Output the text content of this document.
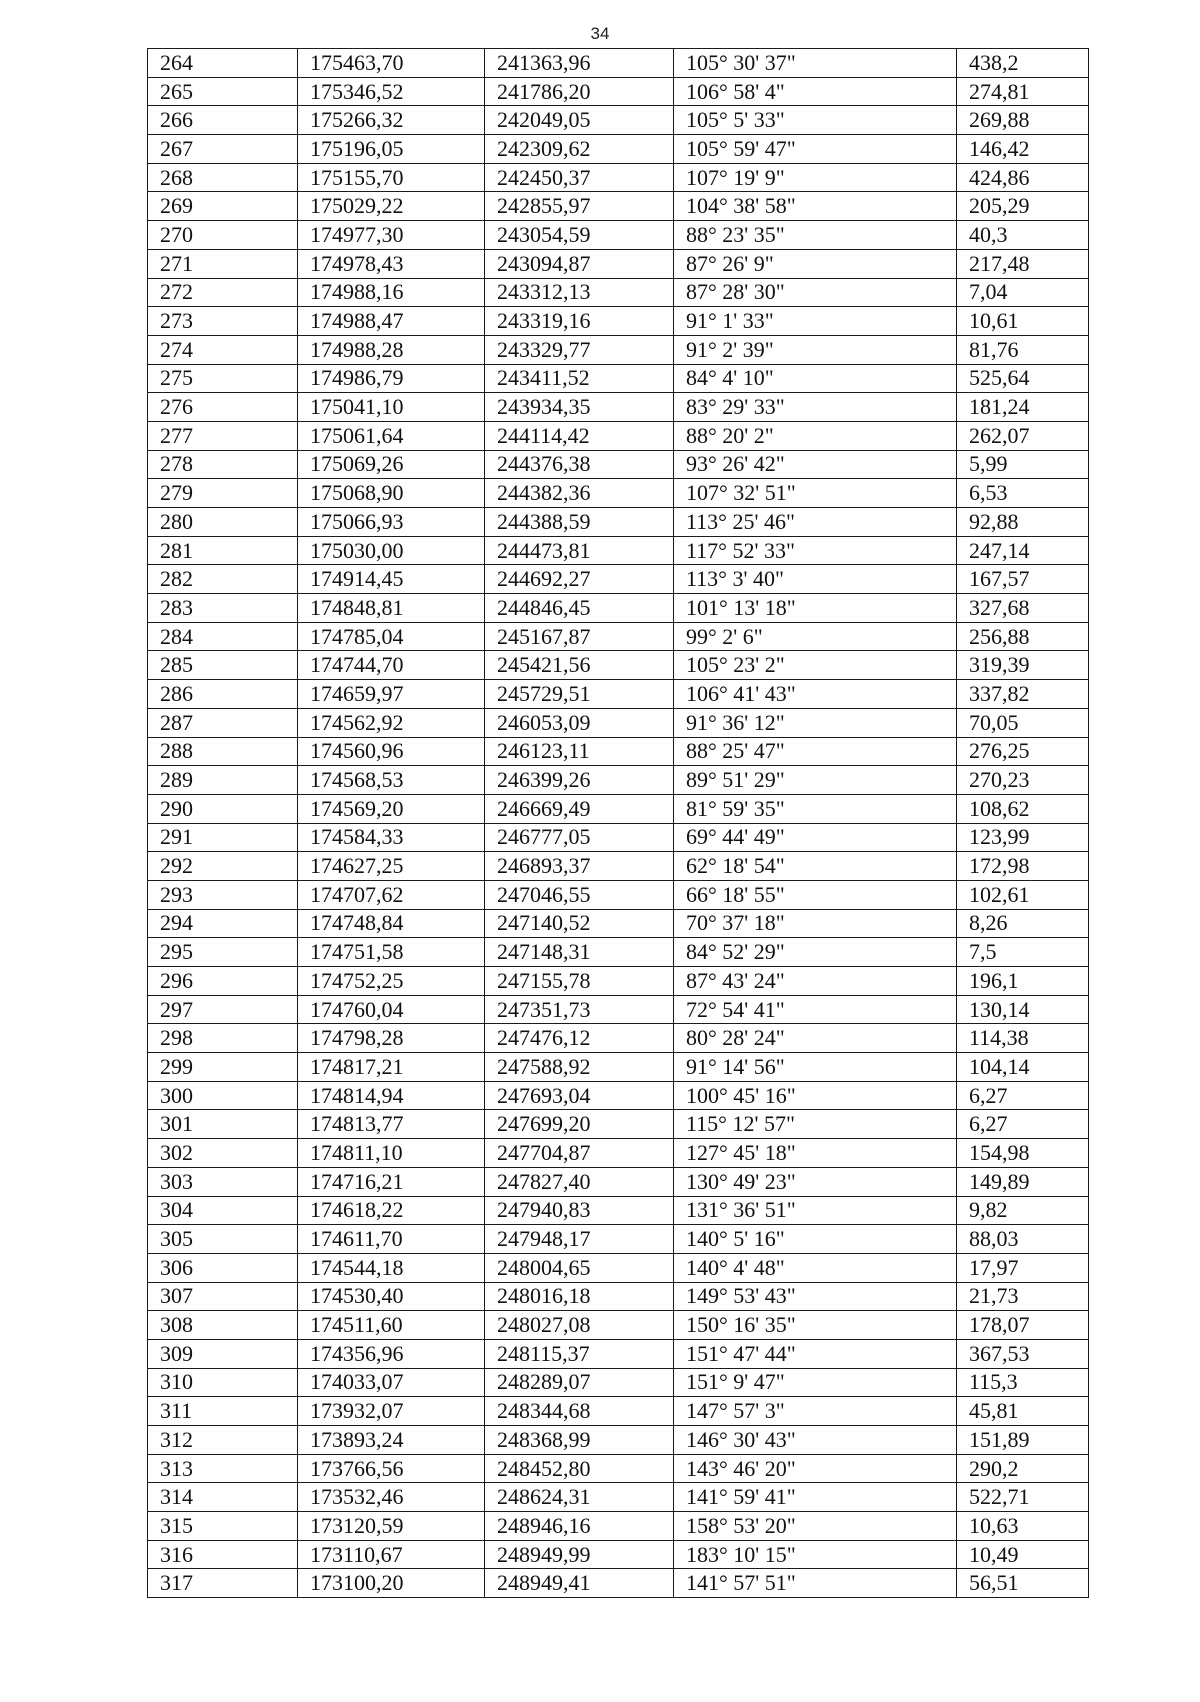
34
264	175463,70	241363,96	105° 30' 37"	438,2
265	175346,52	241786,20	106° 58' 4"	274,81
266	175266,32	242049,05	105° 5' 33"	269,88
267	175196,05	242309,62	105° 59' 47"	146,42
268	175155,70	242450,37	107° 19' 9"	424,86
269	175029,22	242855,97	104° 38' 58"	205,29
270	174977,30	243054,59	88° 23' 35"	40,3
271	174978,43	243094,87	87° 26' 9"	217,48
272	174988,16	243312,13	87° 28' 30"	7,04
273	174988,47	243319,16	91° 1' 33"	10,61
274	174988,28	243329,77	91° 2' 39"	81,76
275	174986,79	243411,52	84° 4' 10"	525,64
276	175041,10	243934,35	83° 29' 33"	181,24
277	175061,64	244114,42	88° 20' 2"	262,07
278	175069,26	244376,38	93° 26' 42"	5,99
279	175068,90	244382,36	107° 32' 51"	6,53
280	175066,93	244388,59	113° 25' 46"	92,88
281	175030,00	244473,81	117° 52' 33"	247,14
282	174914,45	244692,27	113° 3' 40"	167,57
283	174848,81	244846,45	101° 13' 18"	327,68
284	174785,04	245167,87	99° 2' 6"	256,88
285	174744,70	245421,56	105° 23' 2"	319,39
286	174659,97	245729,51	106° 41' 43"	337,82
287	174562,92	246053,09	91° 36' 12"	70,05
288	174560,96	246123,11	88° 25' 47"	276,25
289	174568,53	246399,26	89° 51' 29"	270,23
290	174569,20	246669,49	81° 59' 35"	108,62
291	174584,33	246777,05	69° 44' 49"	123,99
292	174627,25	246893,37	62° 18' 54"	172,98
293	174707,62	247046,55	66° 18' 55"	102,61
294	174748,84	247140,52	70° 37' 18"	8,26
295	174751,58	247148,31	84° 52' 29"	7,5
296	174752,25	247155,78	87° 43' 24"	196,1
297	174760,04	247351,73	72° 54' 41"	130,14
298	174798,28	247476,12	80° 28' 24"	114,38
299	174817,21	247588,92	91° 14' 56"	104,14
300	174814,94	247693,04	100° 45' 16"	6,27
301	174813,77	247699,20	115° 12' 57"	6,27
302	174811,10	247704,87	127° 45' 18"	154,98
303	174716,21	247827,40	130° 49' 23"	149,89
304	174618,22	247940,83	131° 36' 51"	9,82
305	174611,70	247948,17	140° 5' 16"	88,03
306	174544,18	248004,65	140° 4' 48"	17,97
307	174530,40	248016,18	149° 53' 43"	21,73
308	174511,60	248027,08	150° 16' 35"	178,07
309	174356,96	248115,37	151° 47' 44"	367,53
310	174033,07	248289,07	151° 9' 47"	115,3
311	173932,07	248344,68	147° 57' 3"	45,81
312	173893,24	248368,99	146° 30' 43"	151,89
313	173766,56	248452,80	143° 46' 20"	290,2
314	173532,46	248624,31	141° 59' 41"	522,71
315	173120,59	248946,16	158° 53' 20"	10,63
316	173110,67	248949,99	183° 10' 15"	10,49
317	173100,20	248949,41	141° 57' 51"	56,51
